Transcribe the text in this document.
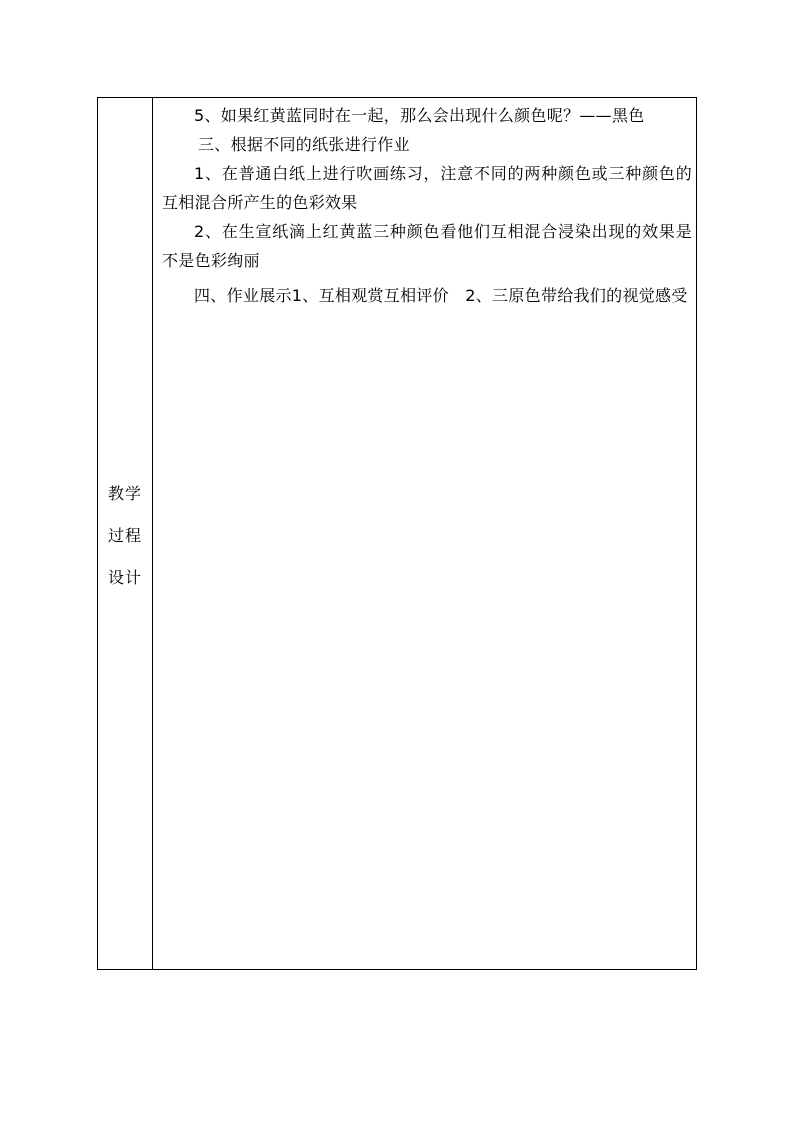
教学
过程
设计

5、如果红黄蓝同时在一起，那么会出现什么颜色呢？——黑色

三、根据不同的纸张进行作业

1、在普通白纸上进行吹画练习，注意不同的两种颜色或三种颜色的互相混合所产生的色彩效果

2、在生宣纸滴上红黄蓝三种颜色看他们互相混合浸染出现的效果是不是色彩绚丽

四、作业展示1、互相观赏互相评价　2、三原色带给我们的视觉感受
